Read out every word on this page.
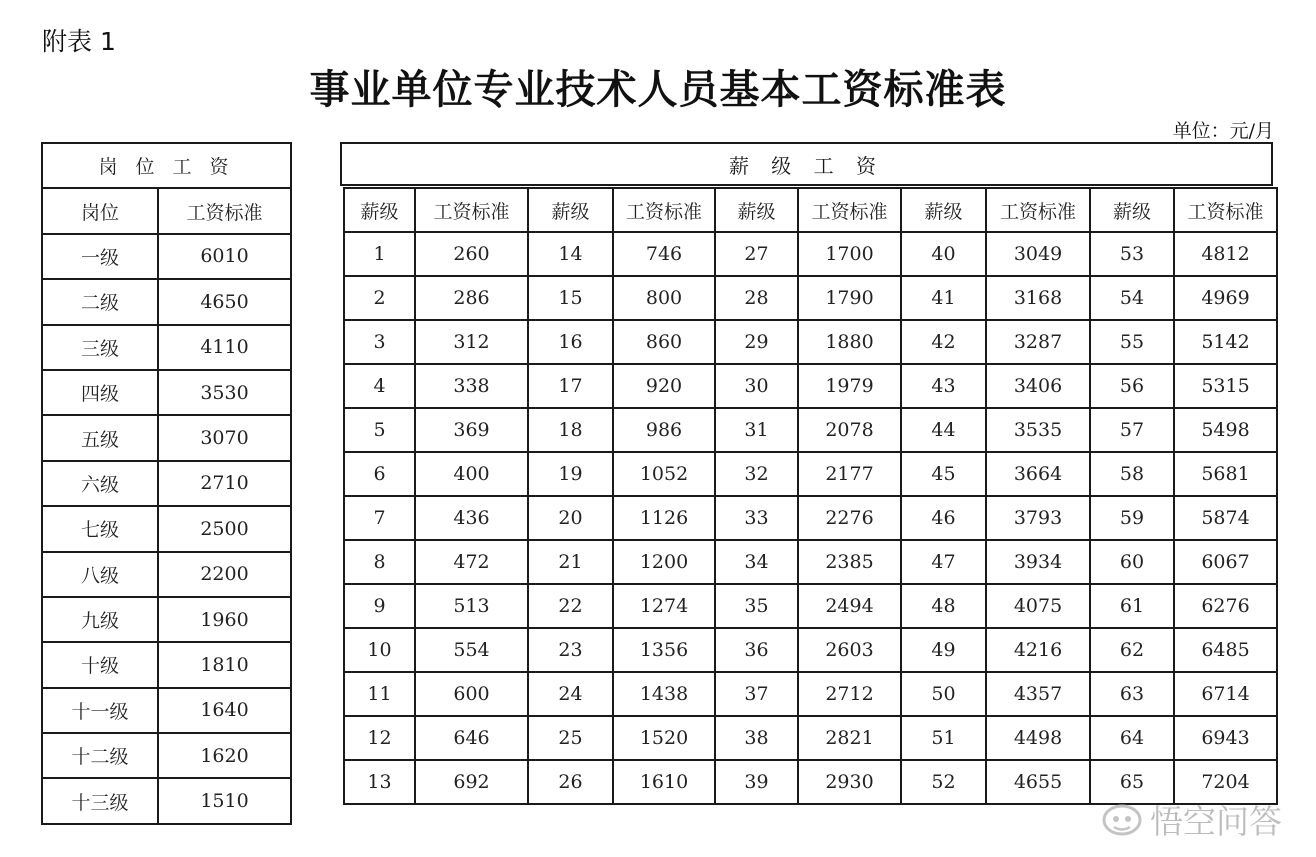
附表 1
事业单位专业技术人员基本工资标准表
单位：元/月
岗 位 工 资	
岗位	工资标准
一级	6010
二级	4650
三级	4110
四级	3530
五级	3070
六级	2710
七级	2500
八级	2200
九级	1960
十级	1810
十一级	1640
十二级	1620
十三级	1510
薪 级 工 资
薪级	工资标准	薪级	工资标准	薪级	工资标准	薪级	工资标准	薪级	工资标准
1	260	14	746	27	1700	40	3049	53	4812
2	286	15	800	28	1790	41	3168	54	4969
3	312	16	860	29	1880	42	3287	55	5142
4	338	17	920	30	1979	43	3406	56	5315
5	369	18	986	31	2078	44	3535	57	5498
6	400	19	1052	32	2177	45	3664	58	5681
7	436	20	1126	33	2276	46	3793	59	5874
8	472	21	1200	34	2385	47	3934	60	6067
9	513	22	1274	35	2494	48	4075	61	6276
10	554	23	1356	36	2603	49	4216	62	6485
11	600	24	1438	37	2712	50	4357	63	6714
12	646	25	1520	38	2821	51	4498	64	6943
13	692	26	1610	39	2930	52	4655	65	7204
悟空问答
